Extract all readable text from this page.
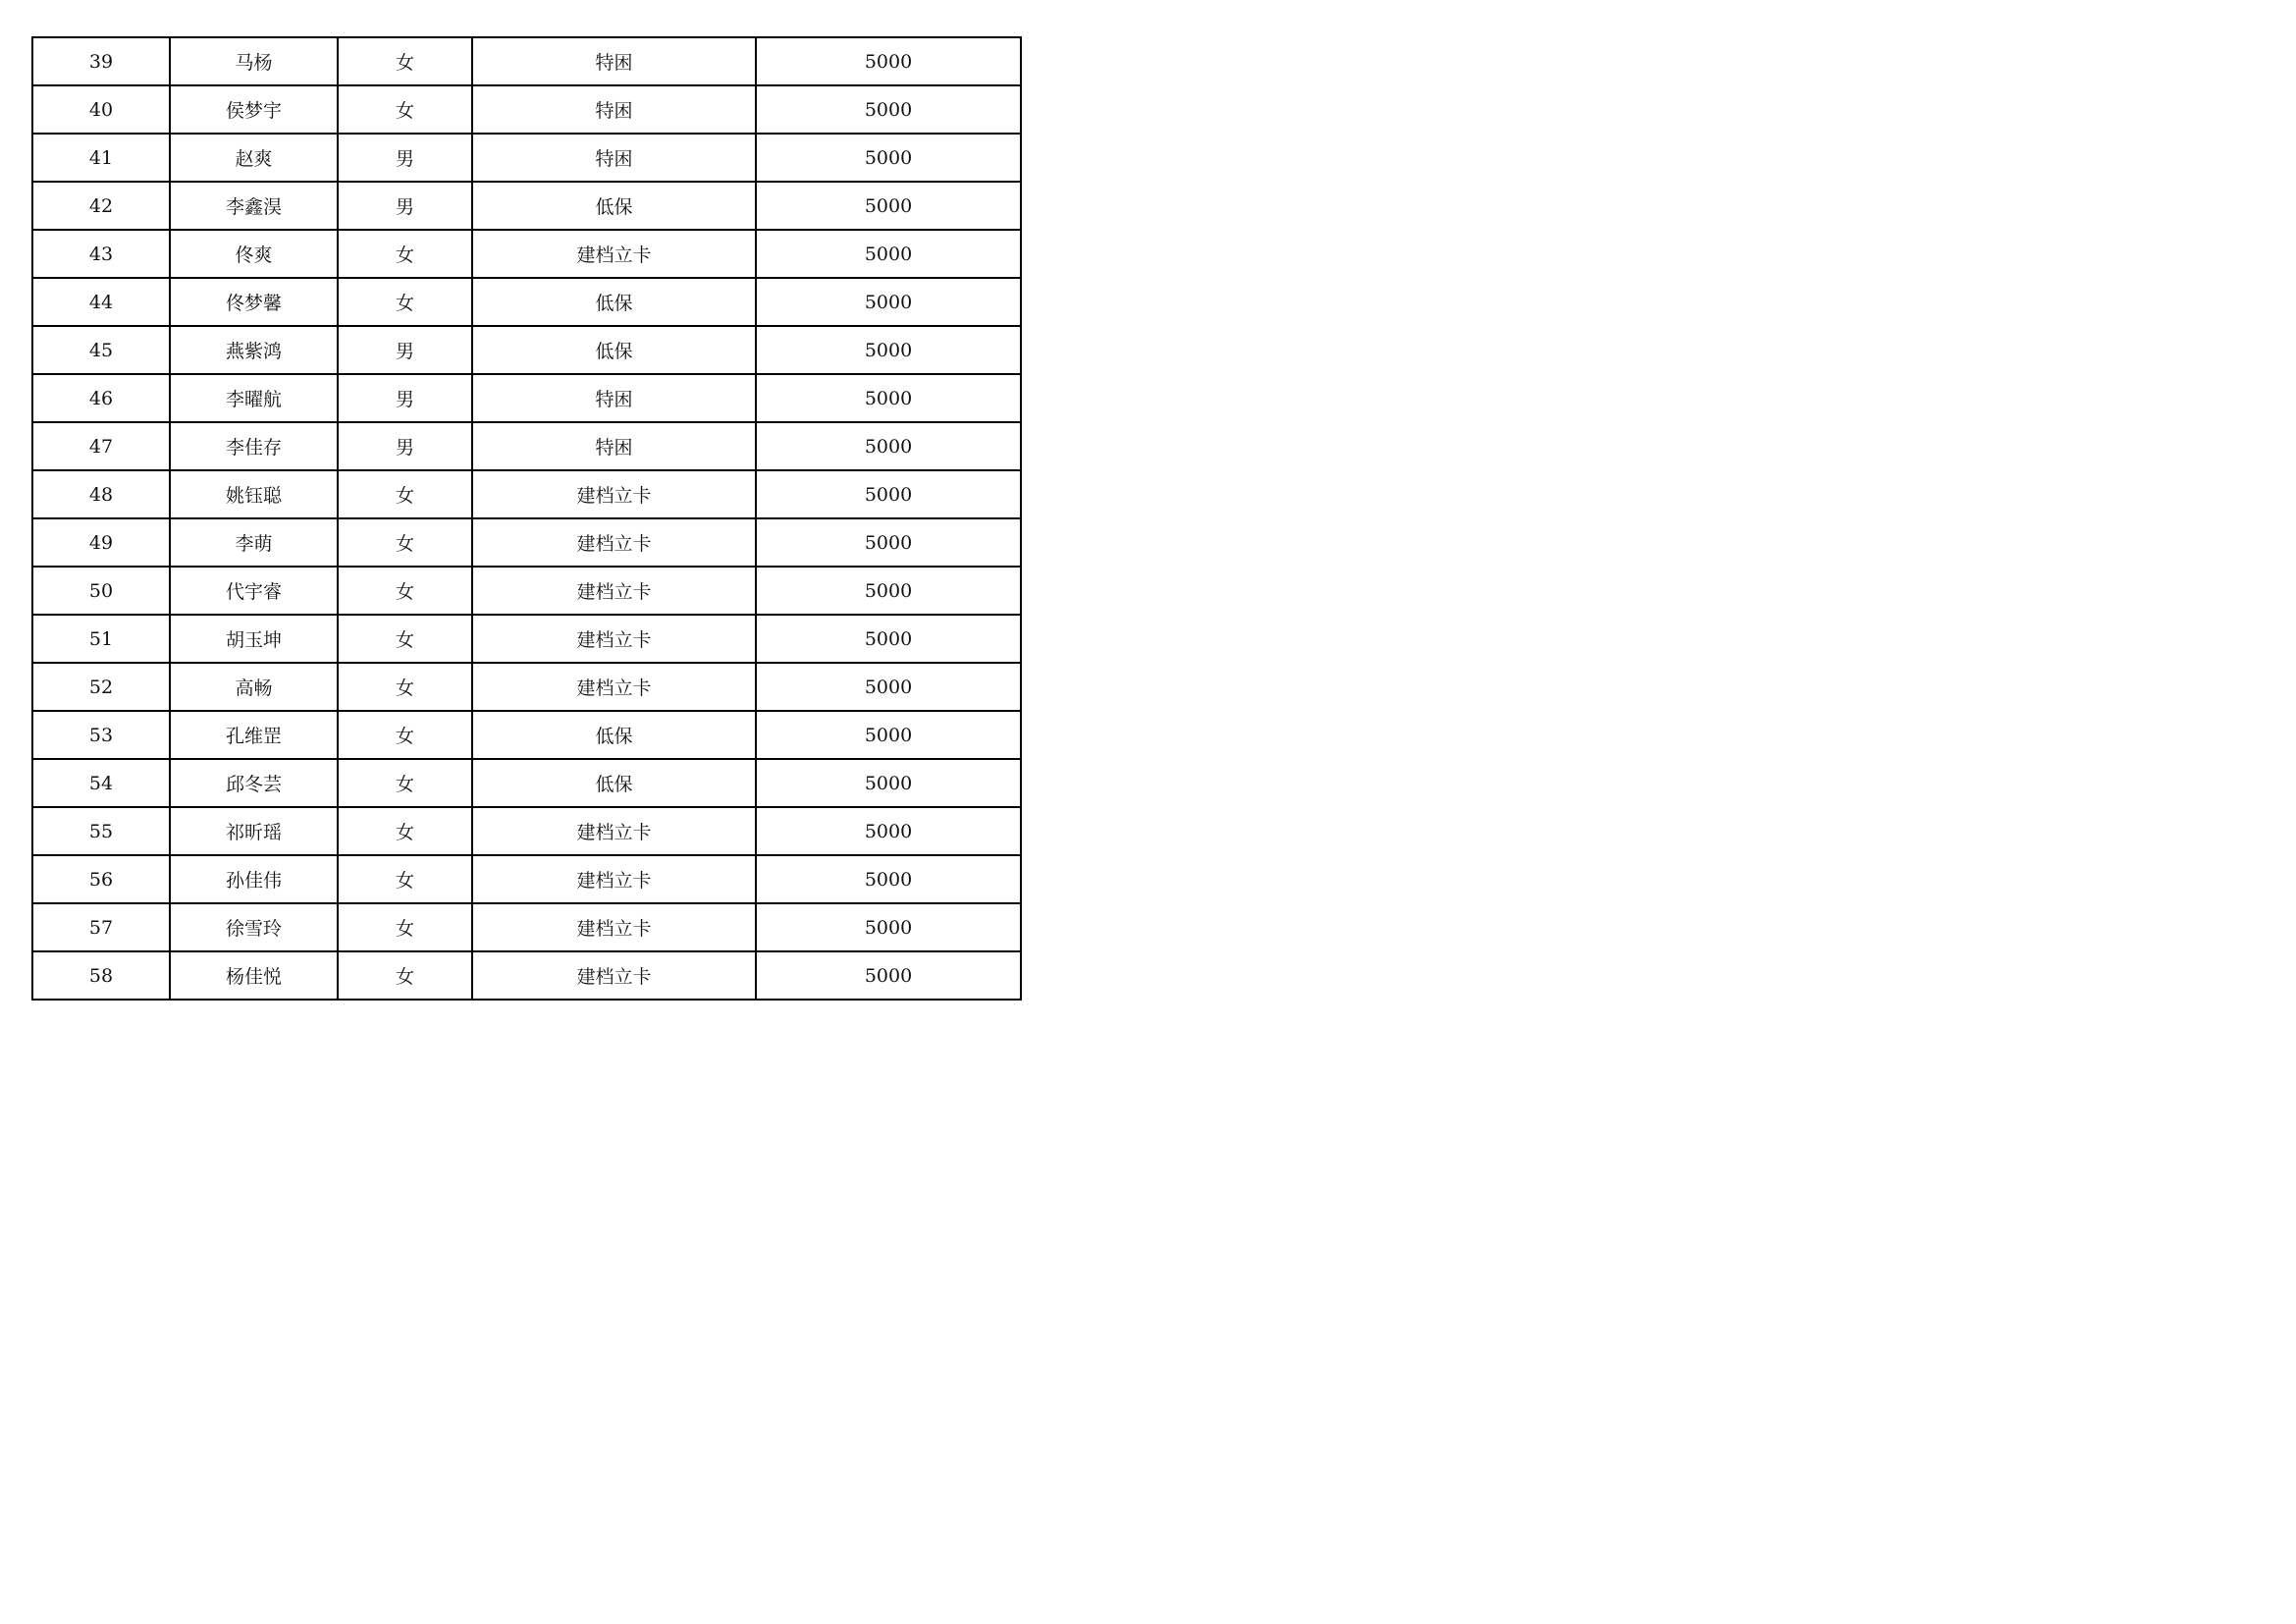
39	马杨	女	特困	5000
40	侯梦宇	女	特困	5000
41	赵爽	男	特困	5000
42	李鑫淏	男	低保	5000
43	佟爽	女	建档立卡	5000
44	佟梦馨	女	低保	5000
45	燕紫鸿	男	低保	5000
46	李曜航	男	特困	5000
47	李佳存	男	特困	5000
48	姚钰聪	女	建档立卡	5000
49	李萌	女	建档立卡	5000
50	代宇睿	女	建档立卡	5000
51	胡玉坤	女	建档立卡	5000
52	高畅	女	建档立卡	5000
53	孔维罡	女	低保	5000
54	邱冬芸	女	低保	5000
55	祁昕瑶	女	建档立卡	5000
56	孙佳伟	女	建档立卡	5000
57	徐雪玲	女	建档立卡	5000
58	杨佳悦	女	建档立卡	5000
